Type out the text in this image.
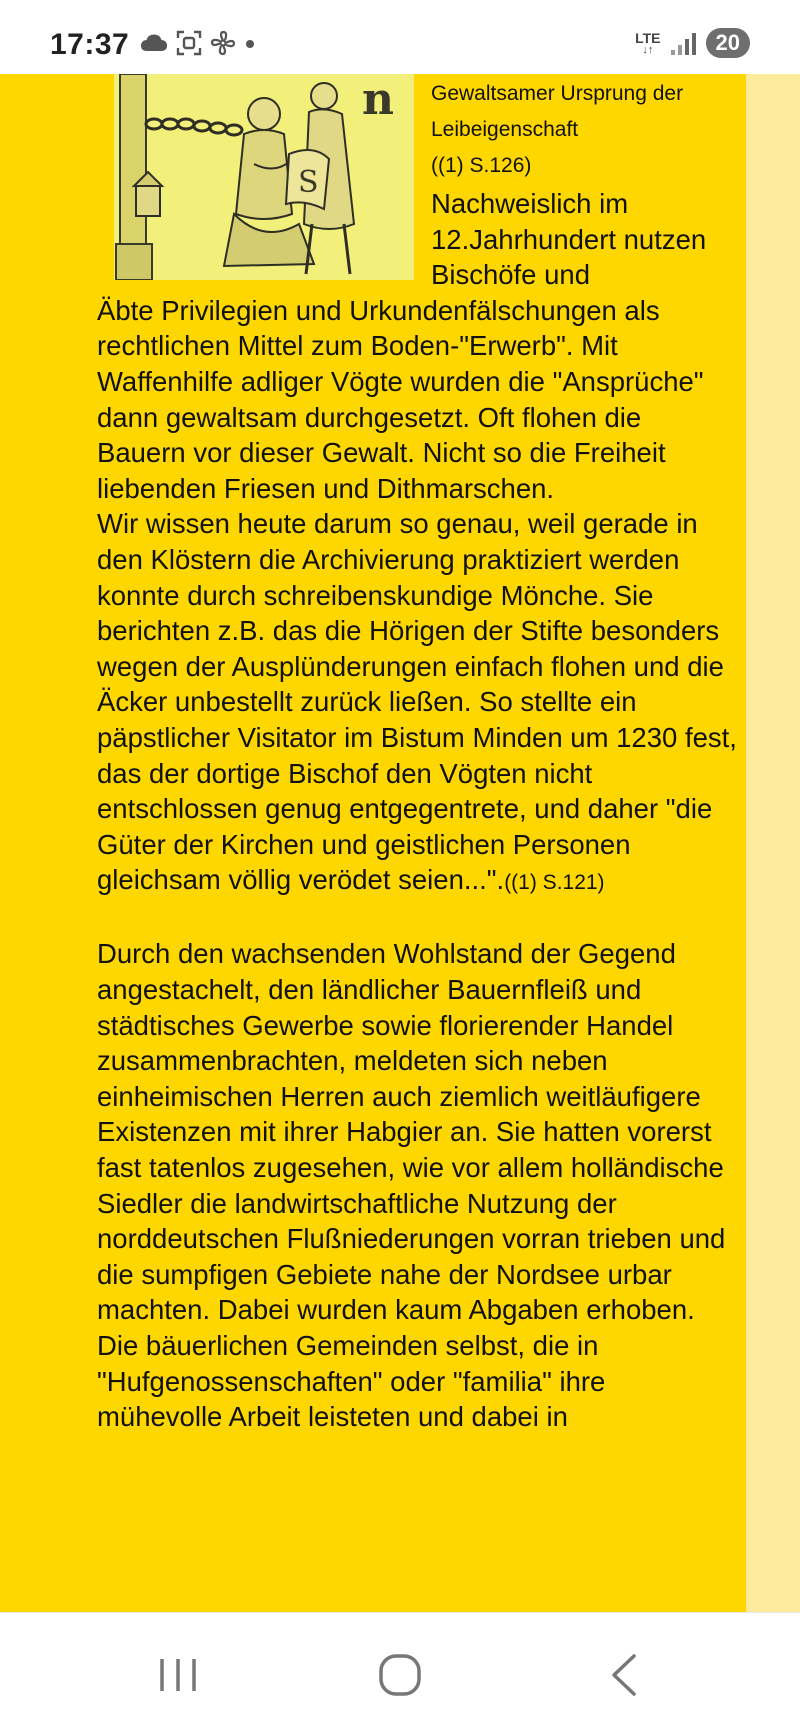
17:37	LTE
↓↑	20
S
n Gewaltsamer Ursprung der Leibeigenschaft
((1) S.126)
Nachweislich im 12.Jahrhundert nutzen Bischöfe und

Äbte Privilegien und Urkundenfälschungen als rechtlichen Mittel zum Boden-"Erwerb". Mit Waffenhilfe adliger Vögte wurden die "Ansprüche" dann gewaltsam durchgesetzt. Oft flohen die Bauern vor dieser Gewalt. Nicht so die Freiheit liebenden Friesen und Dithmarschen.

Wir wissen heute darum so genau, weil gerade in den Klöstern die Archivierung praktiziert werden konnte durch schreibenskundige Mönche. Sie berichten z.B. das die Hörigen der Stifte besonders wegen der Ausplünderungen einfach flohen und die Äcker unbestellt zurück ließen. So stellte ein päpstlicher Visitator im Bistum Minden um 1230 fest, das der dortige Bischof den Vögten nicht entschlossen genug entgegentrete, und daher "die Güter der Kirchen und geistlichen Personen gleichsam völlig verödet seien...".((1) S.121)

Durch den wachsenden Wohlstand der Gegend angestachelt, den ländlicher Bauernfleiß und städtisches Gewerbe sowie florierender Handel zusammenbrachten, meldeten sich neben einheimischen Herren auch ziemlich weitläufigere Existenzen mit ihrer Habgier an. Sie hatten vorerst fast tatenlos zugesehen, wie vor allem holländische Siedler die landwirtschaftliche Nutzung der norddeutschen Flußniederungen vorran trieben und die sumpfigen Gebiete nahe der Nordsee urbar machten. Dabei wurden kaum Abgaben erhoben. Die bäuerlichen Gemeinden selbst, die in "Hufgenossenschaften" oder "familia" ihre mühevolle Arbeit leisteten und dabei in
